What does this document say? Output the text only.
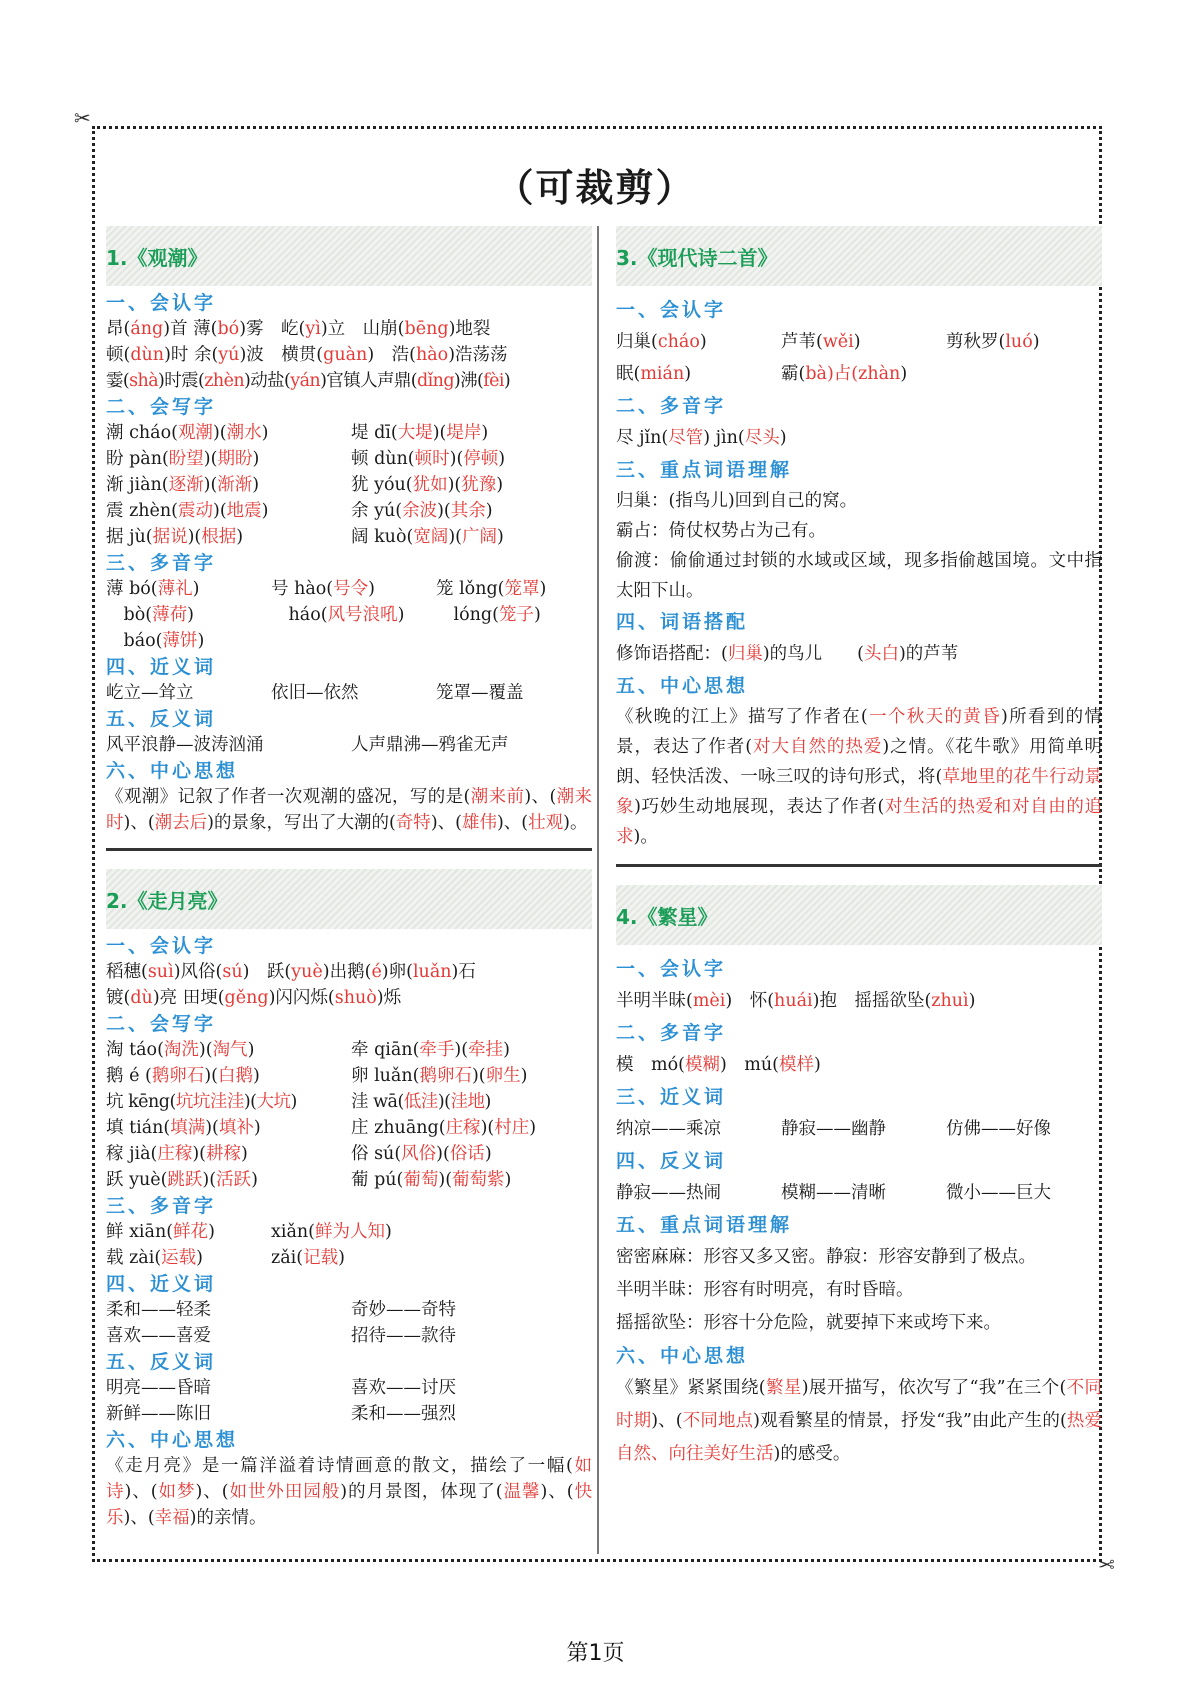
✂
✂
（可裁剪）
1.《观潮》
一、会认字
昂( áng )首 薄( bó )雾　屹( yì )立　山崩( bēng )地裂
顿( dùn )时 余( yú )波　横贯( guàn )　浩( hào )浩荡荡
霎( shà )时震( zhèn )动盐( yán )官镇人声鼎( dǐng )沸( fèi )
二、会写字
潮 cháo(观潮)(潮水)	堤 dī(大堤)(堤岸)
盼 pàn(盼望)(期盼)	顿 dùn(顿时)(停顿)
渐 jiàn(逐渐)(渐渐)	犹 yóu(犹如)(犹豫)
震 zhèn(震动)(地震)	余 yú(余波)(其余)
据 jù(据说)(根据)	阔 kuò(宽阔)(广阔)
三、多音字
薄 bó(薄礼)	号 hào(号令)	笼 lǒng(笼罩)
　bò(薄荷)	　háo(风号浪吼)	　lóng(笼子)
　báo(薄饼)
四、近义词
屹立—耸立	依旧—依然	笼罩—覆盖
五、反义词
风平浪静—波涛汹涌	人声鼎沸—鸦雀无声
六、中心思想
《观潮》记叙了作者一次观潮的盛况，写的是(潮来前)、(潮来时)、(潮去后)的景象，写出了大潮的(奇特)、(雄伟)、(壮观)。
2.《走月亮》
一、会认字
稻穗( suì )风俗( sú )　跃( yuè )出鹅( é )卵( luǎn )石
镀( dù )亮 田埂( gěng )闪闪烁( shuò )烁
二、会写字
淘 táo(淘洗)(淘气)	牵 qiān(牵手)(牵挂)
鹅 é (鹅卵石)(白鹅)	卵 luǎn(鹅卵石)(卵生)
坑 kēng(坑坑洼洼)(大坑)	洼 wā(低洼)(洼地)
填 tián(填满)(填补)	庄 zhuāng(庄稼)(村庄)
稼 jià(庄稼)(耕稼)	俗 sú(风俗)(俗话)
跃 yuè(跳跃)(活跃)	葡 pú(葡萄)(葡萄紫)
三、多音字
鲜 xiān(鲜花)	xiǎn(鲜为人知)
载 zài(运载)	zǎi(记载)
四、近义词
柔和——轻柔	奇妙——奇特
喜欢——喜爱	招待——款待
五、反义词
明亮——昏暗	喜欢——讨厌
新鲜——陈旧	柔和——强烈
六、中心思想
《走月亮》是一篇洋溢着诗情画意的散文，描绘了一幅(如诗)、(如梦)、(如世外田园般)的月景图，体现了(温馨)、(快乐)、(幸福)的亲情。
3.《现代诗二首》
一、会认字
归巢(cháo)	芦苇(wěi)	剪秋罗(luó)
眠(mián)	霸(bà)占(zhàn)
二、多音字
尽 jǐn( 尽管 ) jìn( 尽头 )
三、重点词语理解
归巢：(指鸟儿)回到自己的窝。
霸占：倚仗权势占为己有。
偷渡：偷偷通过封锁的水域或区域，现多指偷越国境。文中指太阳下山。
四、词语搭配
修饰语搭配：( 归巢 )的鸟儿　　( 头白 )的芦苇
五、中心思想
《秋晚的江上》描写了作者在(一个秋天的黄昏)所看到的情景，表达了作者(对大自然的热爱)之情。《花牛歌》用简单明朗、轻快活泼、一咏三叹的诗句形式，将(草地里的花牛行动景象)巧妙生动地展现，表达了作者(对生活的热爱和对自由的追求)。
4.《繁星》
一、会认字
半明半昧( mèi )　怀( huái )抱　摇摇欲坠( zhuì )
二、多音字
模　mó( 模糊 )　mú( 模样 )
三、近义词
纳凉——乘凉	静寂——幽静	仿佛——好像
四、反义词
静寂——热闹	模糊——清晰	微小——巨大
五、重点词语理解
密密麻麻：形容又多又密。静寂：形容安静到了极点。
半明半昧：形容有时明亮，有时昏暗。
摇摇欲坠：形容十分危险，就要掉下来或垮下来。
六、中心思想
《繁星》紧紧围绕(繁星)展开描写，依次写了“我”在三个(不同时期)、(不同地点)观看繁星的情景，抒发“我”由此产生的(热爱自然、向往美好生活)的感受。
第1页
